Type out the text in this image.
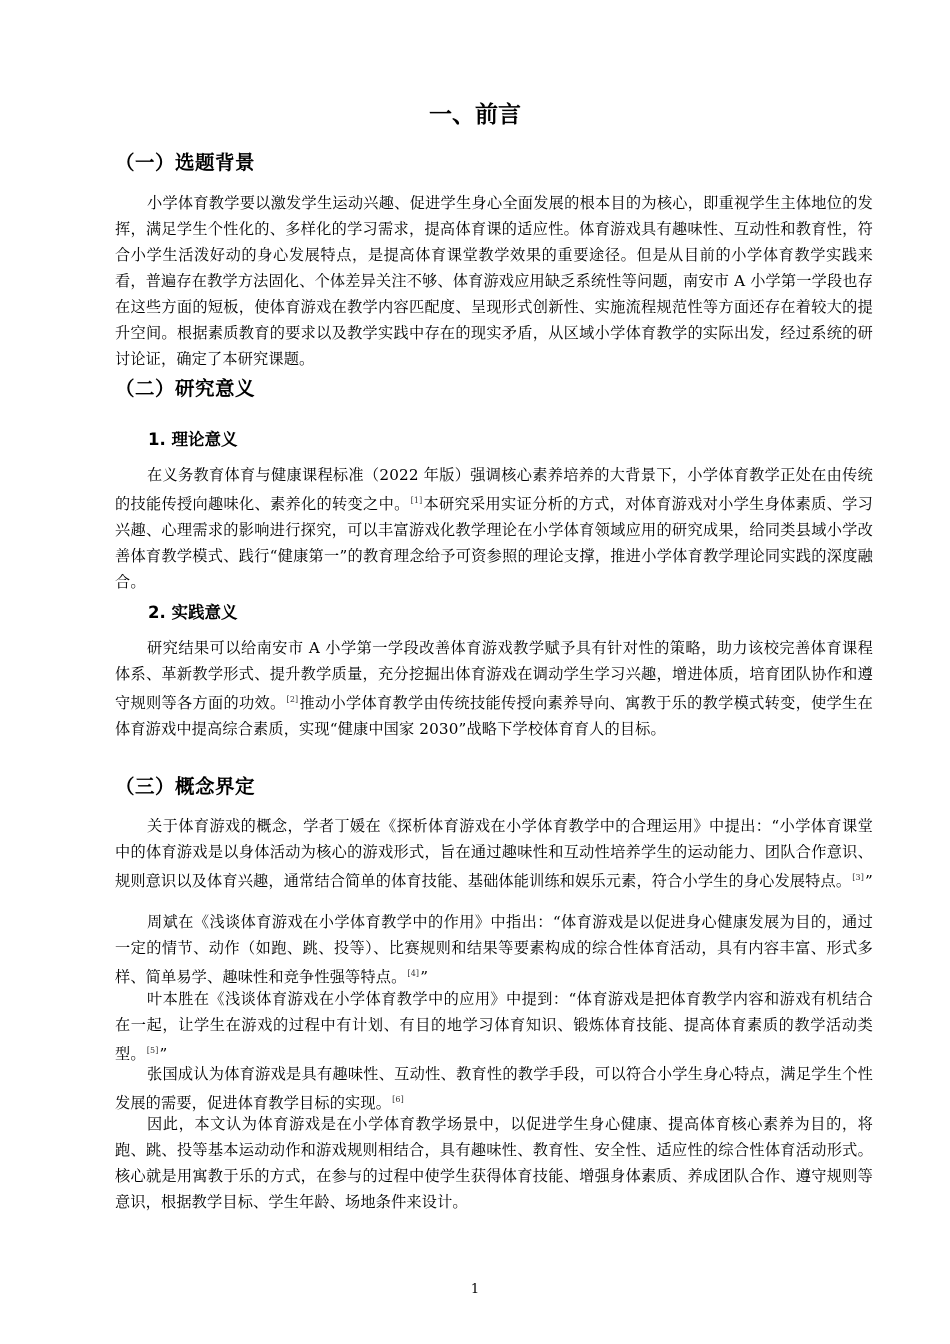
一、前言
（一）选题背景

小学体育教学要以激发学生运动兴趣、促进学生身心全面发展的根本目的为核心，即重视学生主体地位的发挥，满足学生个性化的、多样化的学习需求，提高体育课的适应性。体育游戏具有趣味性、互动性和教育性，符合小学生活泼好动的身心发展特点，是提高体育课堂教学效果的重要途径。但是从目前的小学体育教学实践来看，普遍存在教学方法固化、个体差异关注不够、体育游戏应用缺乏系统性等问题，南安市 A 小学第一学段也存在这些方面的短板，使体育游戏在教学内容匹配度、呈现形式创新性、实施流程规范性等方面还存在着较大的提升空间。根据素质教育的要求以及教学实践中存在的现实矛盾，从区域小学体育教学的实际出发，经过系统的研讨论证，确定了本研究课题。

（二）研究意义
1. 理论意义

在义务教育体育与健康课程标准（2022 年版）强调核心素养培养的大背景下，小学体育教学正处在由传统的技能传授向趣味化、素养化的转变之中。[1]本研究采用实证分析的方式，对体育游戏对小学生身体素质、学习兴趣、心理需求的影响进行探究，可以丰富游戏化教学理论在小学体育领域应用的研究成果，给同类县域小学改善体育教学模式、践行“健康第一”的教育理念给予可资参照的理论支撑，推进小学体育教学理论同实践的深度融合。

2. 实践意义

研究结果可以给南安市 A 小学第一学段改善体育游戏教学赋予具有针对性的策略，助力该校完善体育课程体系、革新教学形式、提升教学质量，充分挖掘出体育游戏在调动学生学习兴趣，增进体质，培育团队协作和遵守规则等各方面的功效。[2]推动小学体育教学由传统技能传授向素养导向、寓教于乐的教学模式转变，使学生在体育游戏中提高综合素质，实现“健康中国家 2030”战略下学校体育育人的目标。

（三）概念界定

关于体育游戏的概念，学者丁媛在《探析体育游戏在小学体育教学中的合理运用》中提出：“小学体育课堂中的体育游戏是以身体活动为核心的游戏形式，旨在通过趣味性和互动性培养学生的运动能力、团队合作意识、规则意识以及体育兴趣，通常结合简单的体育技能、基础体能训练和娱乐元素，符合小学生的身心发展特点。[3]”

周斌在《浅谈体育游戏在小学体育教学中的作用》中指出：“体育游戏是以促进身心健康发展为目的，通过一定的情节、动作（如跑、跳、投等）、比赛规则和结果等要素构成的综合性体育活动，具有内容丰富、形式多样、简单易学、趣味性和竞争性强等特点。[4]”

叶本胜在《浅谈体育游戏在小学体育教学中的应用》中提到：“体育游戏是把体育教学内容和游戏有机结合在一起，让学生在游戏的过程中有计划、有目的地学习体育知识、锻炼体育技能、提高体育素质的教学活动类型。[5]”

张国成认为体育游戏是具有趣味性、互动性、教育性的教学手段，可以符合小学生身心特点，满足学生个性发展的需要，促进体育教学目标的实现。[6]

因此，本文认为体育游戏是在小学体育教学场景中，以促进学生身心健康、提高体育核心素养为目的，将跑、跳、投等基本运动动作和游戏规则相结合，具有趣味性、教育性、安全性、适应性的综合性体育活动形式。核心就是用寓教于乐的方式，在参与的过程中使学生获得体育技能、增强身体素质、养成团队合作、遵守规则等意识，根据教学目标、学生年龄、场地条件来设计。

1
